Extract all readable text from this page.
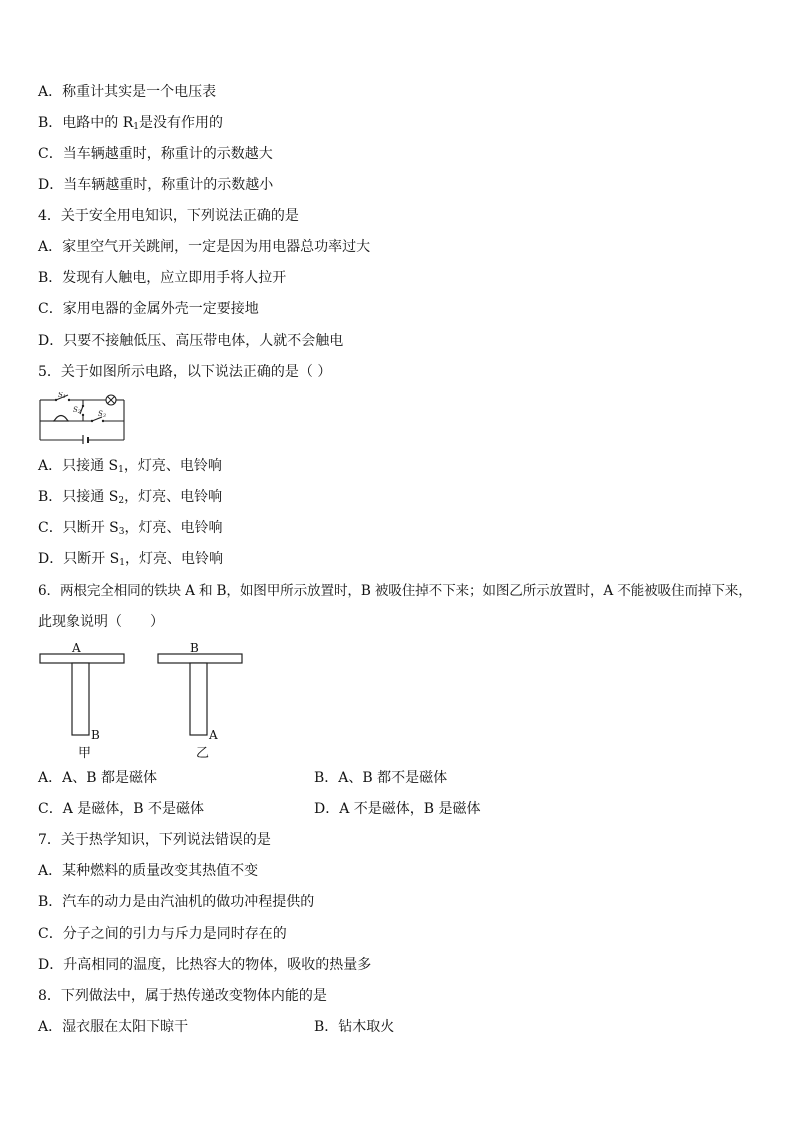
A．称重计其实是一个电压表
B．电路中的 $R_1$是没有作用的
C．当车辆越重时，称重计的示数越大
D．当车辆越重时，称重计的示数越小
4．关于安全用电知识，下列说法正确的是
A．家里空气开关跳闸，一定是因为用电器总功率过大
B．发现有人触电，应立即用手将人拉开
C．家用电器的金属外壳一定要接地
D．只要不接触低压、高压带电体，人就不会触电
5．关于如图所示电路，以下说法正确的是（ ）
S1
S2 S3
A．只接通 $S_1$，灯亮、电铃响
B．只接通 $S_2$，灯亮、电铃响
C．只断开 $S_3$，灯亮、电铃响
D．只断开 $S_1$，灯亮、电铃响
6．两根完全相同的铁块 A 和 B，如图甲所示放置时，B 被吸住掉不下来；如图乙所示放置时，A 不能被吸住而掉下来，
此现象说明（　　）
A
B
甲
B
A
乙
A．A、B 都是磁体	B．A、B 都不是磁体
C．A 是磁体，B 不是磁体	D．A 不是磁体，B 是磁体
7．关于热学知识，下列说法错误的是
A．某种燃料的质量改变其热值不变
B．汽车的动力是由汽油机的做功冲程提供的
C．分子之间的引力与斥力是同时存在的
D．升高相同的温度，比热容大的物体，吸收的热量多
8．下列做法中，属于热传递改变物体内能的是
A．湿衣服在太阳下晾干	B．钻木取火
